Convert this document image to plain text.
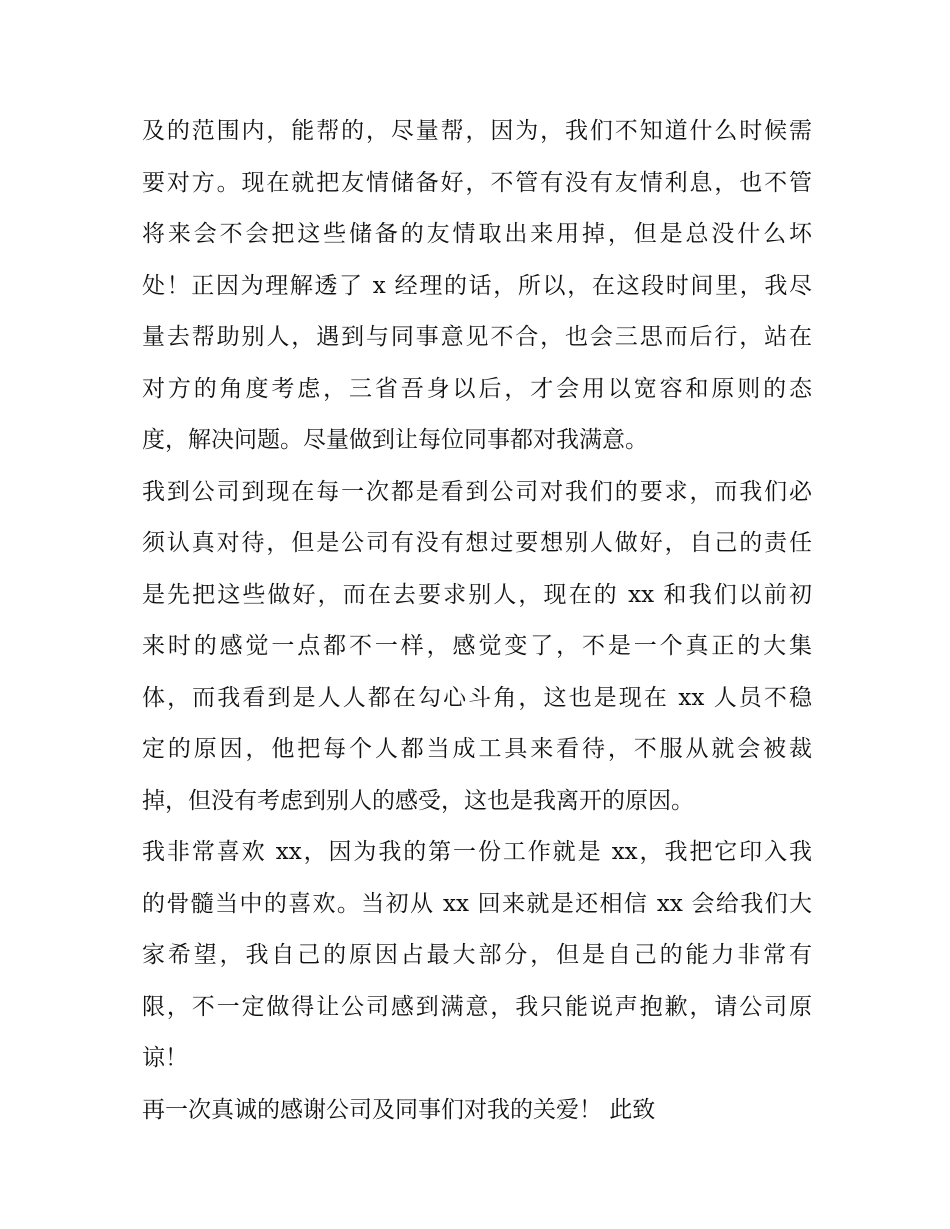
及的范围内，能帮的，尽量帮，因为，我们不知道什么时候需
要对方。现在就把友情储备好，不管有没有友情利息，也不管
将来会不会把这些储备的友情取出来用掉，但是总没什么坏
处！正因为理解透了 x 经理的话，所以，在这段时间里，我尽
量去帮助别人，遇到与同事意见不合，也会三思而后行，站在
对方的角度考虑，三省吾身以后，才会用以宽容和原则的态
度，解决问题。尽量做到让每位同事都对我满意。
我到公司到现在每一次都是看到公司对我们的要求，而我们必
须认真对待，但是公司有没有想过要想别人做好，自己的责任
是先把这些做好，而在去要求别人，现在的 xx 和我们以前初
来时的感觉一点都不一样，感觉变了，不是一个真正的大集
体，而我看到是人人都在勾心斗角，这也是现在 xx 人员不稳
定的原因，他把每个人都当成工具来看待，不服从就会被裁
掉，但没有考虑到别人的感受，这也是我离开的原因。
我非常喜欢 xx，因为我的第一份工作就是 xx，我把它印入我
的骨髓当中的喜欢。当初从 xx 回来就是还相信 xx 会给我们大
家希望，我自己的原因占最大部分，但是自己的能力非常有
限，不一定做得让公司感到满意，我只能说声抱歉，请公司原
谅！
再一次真诚的感谢公司及同事们对我的关爱！ 此致
